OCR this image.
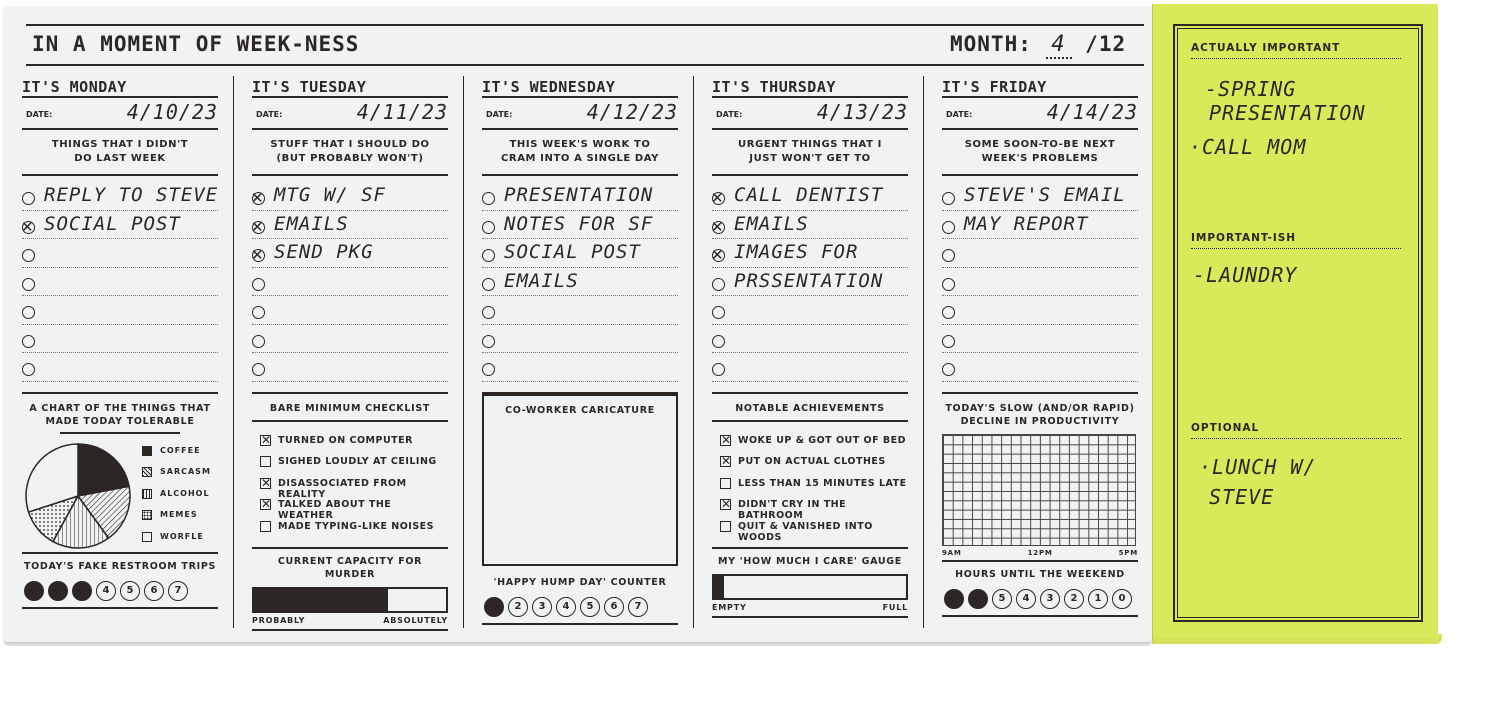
IN A MOMENT OF WEEK-NESS	MONTH: 4 /12
IT'S MONDAY
DATE:	4/10/23
THINGS THAT I DIDN'T
DO LAST WEEK
REPLY TO STEVE
✕
SOCIAL POST
A CHART OF THE THINGS THAT
MADE TODAY TOLERABLE
COFFEE
SARCASM
ALCOHOL
MEMES
WORFLE
TODAY'S FAKE RESTROOM TRIPS
1	2	3	4	5	6	7
IT'S TUESDAY
DATE:	4/11/23
STUFF THAT I SHOULD DO
(BUT PROBABLY WON'T)
✕
MTG W/ SF
✕
EMAILS
✕
SEND PKG
BARE MINIMUM CHECKLIST
✕
TURNED ON COMPUTER
SIGHED LOUDLY AT CEILING
✕
DISASSOCIATED FROM REALITY
✕
TALKED ABOUT THE WEATHER
MADE TYPING-LIKE NOISES
CURRENT CAPACITY FOR MURDER
PROBABLY	ABSOLUTELY
IT'S WEDNESDAY
DATE:	4/12/23
THIS WEEK'S WORK TO
CRAM INTO A SINGLE DAY
PRESENTATION
NOTES FOR SF
SOCIAL POST
EMAILS
CO-WORKER CARICATURE
'HAPPY HUMP DAY' COUNTER
1	2	3	4	5	6	7
IT'S THURSDAY
DATE:	4/13/23
URGENT THINGS THAT I
JUST WON'T GET TO
✕
CALL DENTIST
✕
EMAILS
✕
IMAGES FOR
PRSSENTATION
NOTABLE ACHIEVEMENTS
✕
WOKE UP & GOT OUT OF BED
✕
PUT ON ACTUAL CLOTHES
LESS THAN 15 MINUTES LATE
✕
DIDN'T CRY IN THE BATHROOM
QUIT & VANISHED INTO WOODS
MY 'HOW MUCH I CARE' GAUGE
EMPTY	FULL
IT'S FRIDAY
DATE:	4/14/23
SOME SOON-TO-BE NEXT
WEEK'S PROBLEMS
STEVE'S EMAIL
MAY REPORT
TODAY'S SLOW (AND/OR RAPID)
DECLINE IN PRODUCTIVITY
9AM	12PM	5PM
HOURS UNTIL THE WEEKEND
7	6	5	4	3	2	1	0
ACTUALLY IMPORTANT
-SPRING
PRESENTATION
·CALL MOM
IMPORTANT-ISH
-LAUNDRY
OPTIONAL
·LUNCH W/
STEVE
